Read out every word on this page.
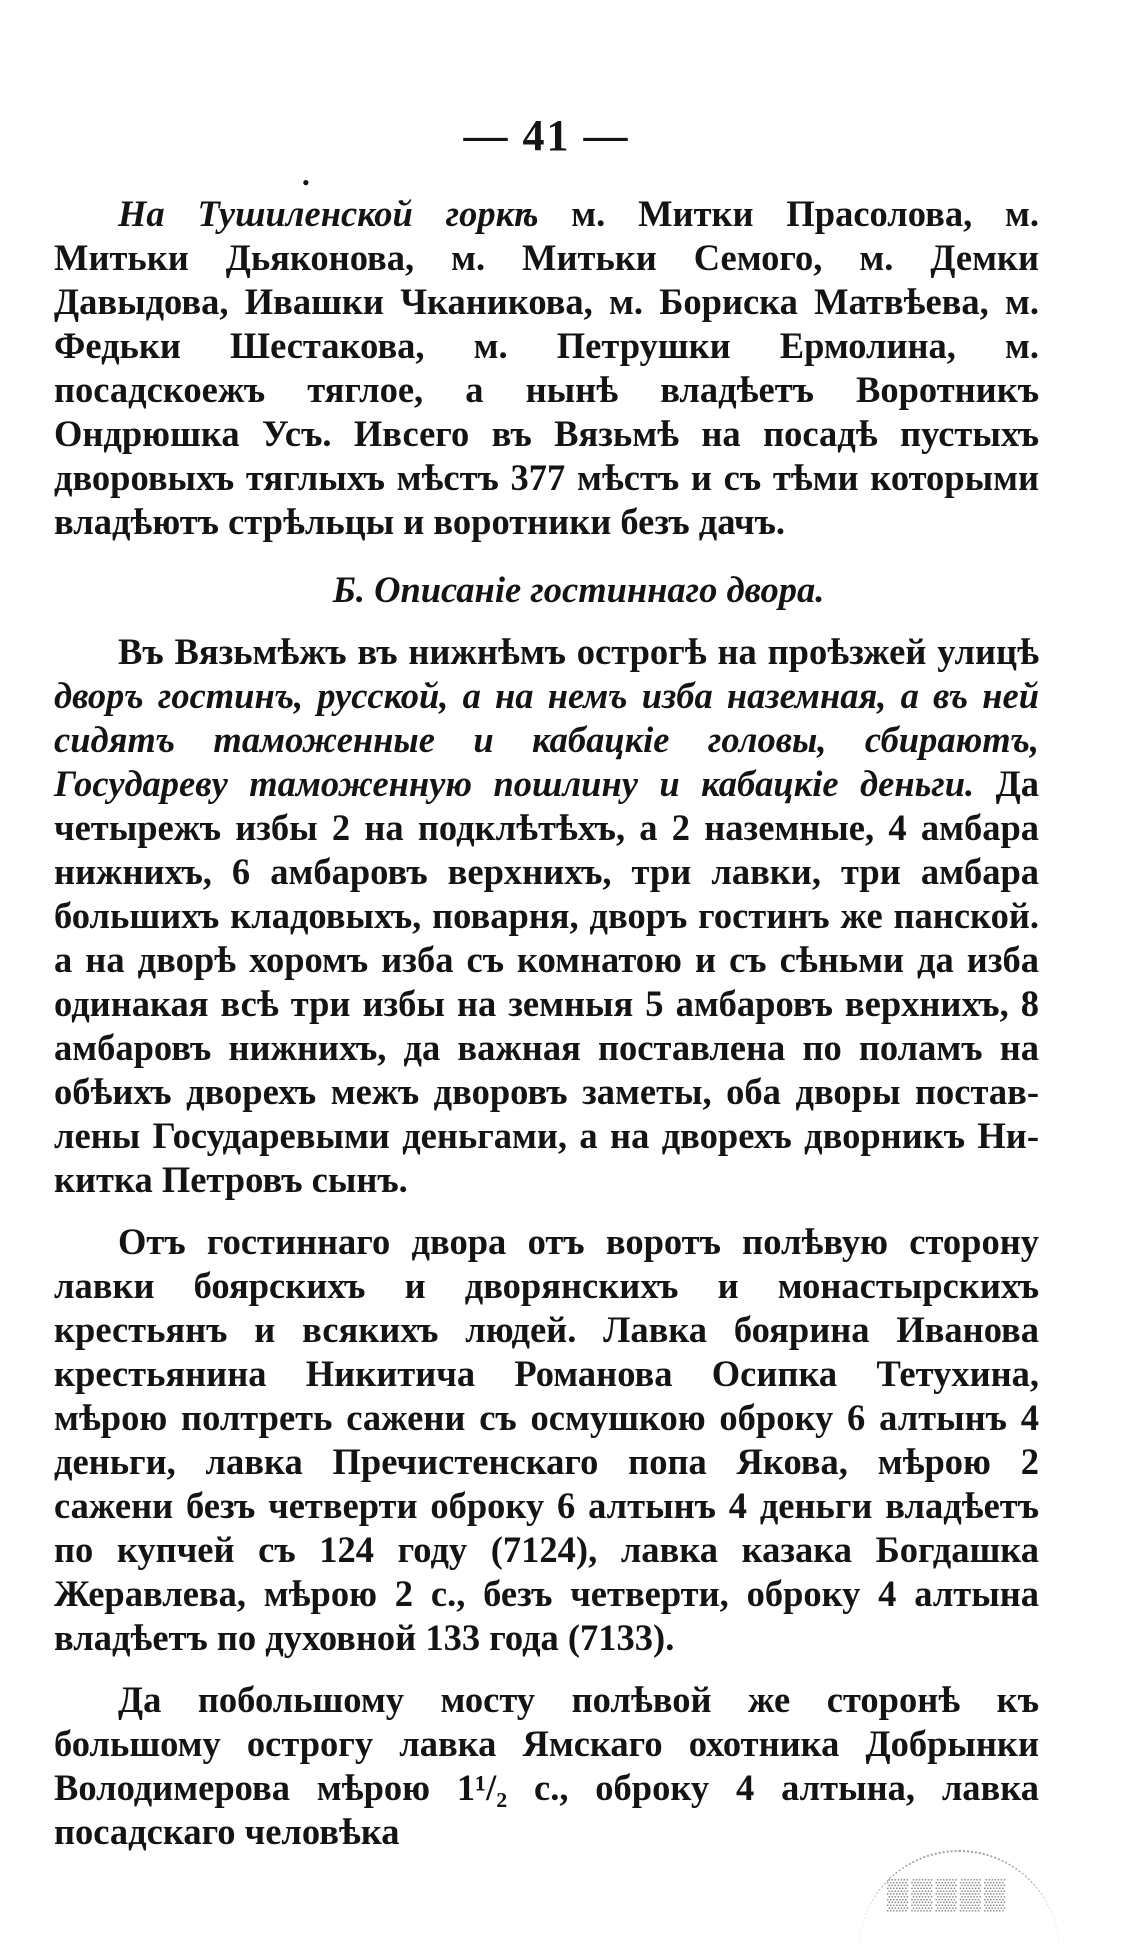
— 41 —
•

На Тушиленской горкѣ м. Митки Прасолова, м. Митьки Дьяконова, м. Митьки Семого, м. Демки Давыдова, Ивашки Чканикова, м. Бориска Матвѣева, м. Федьки Шестакова, м. Петрушки Ермолина, м. посадскоежъ тяглое, а нынѣ владѣетъ Воротникъ Ондрюшка Усъ. Ивсего въ Вязьмѣ на посадѣ пустыхъ дворовыхъ тяглыхъ мѣстъ 377 мѣстъ и съ тѣми которыми владѣютъ стрѣльцы и воротники безъ дачъ.

Б. Описаніе гостиннаго двора.

Въ Вязьмѣжъ въ нижнѣмъ острогѣ на проѣзжей улицѣ дворъ гостинъ, русской, а на немъ изба наземная, а въ ней сидятъ таможенные и кабацкіе головы, сбираютъ, Государеву таможенную пошлину и кабацкіе деньги. Да четырежъ избы 2 на подклѣтѣхъ, а 2 наземные, 4 амбара нижнихъ, 6 амбаровъ верхнихъ, три лавки, три амбара большихъ кладовыхъ, поварня, дворъ гостинъ же панской. а на дворѣ хоромъ изба съ комнатою и съ сѣньми да изба одинакая всѣ три избы на земныя 5 амбаровъ верхнихъ, 8 амбаровъ нижнихъ, да важная поставлена по поламъ на обѣихъ дворехъ межъ дворовъ заметы, оба дворы поставлены Государевыми деньгами, а на дворехъ дворникъ Никитка Петровъ сынъ.

Отъ гостиннаго двора отъ воротъ полѣвую сторону лавки боярскихъ и дворянскихъ и монастырскихъ крестьянъ и всякихъ людей. Лавка боярина Иванова крестьянина Никитича Романова Осипка Тетухина, мѣрою полтреть сажени съ осмушкою оброку 6 алтынъ 4 деньги, лавка Пречистенскаго попа Якова, мѣрою 2 сажени безъ четверти оброку 6 алтынъ 4 деньги владѣетъ по купчей съ 124 году (7124), лавка казака Богдашка Жеравлева, мѣрою 2 с., безъ четверти, оброку 4 алтына владѣетъ по духовной 133 года (7133).

Да побольшому мосту полѣвой же сторонѣ къ большому острогу лавка Ямскаго охотника Добрынки Володимерова мѣрою 1¹/₂ с., оброку 4 алтына, лавка посадскаго человѣка

▒▒▒▒▒
